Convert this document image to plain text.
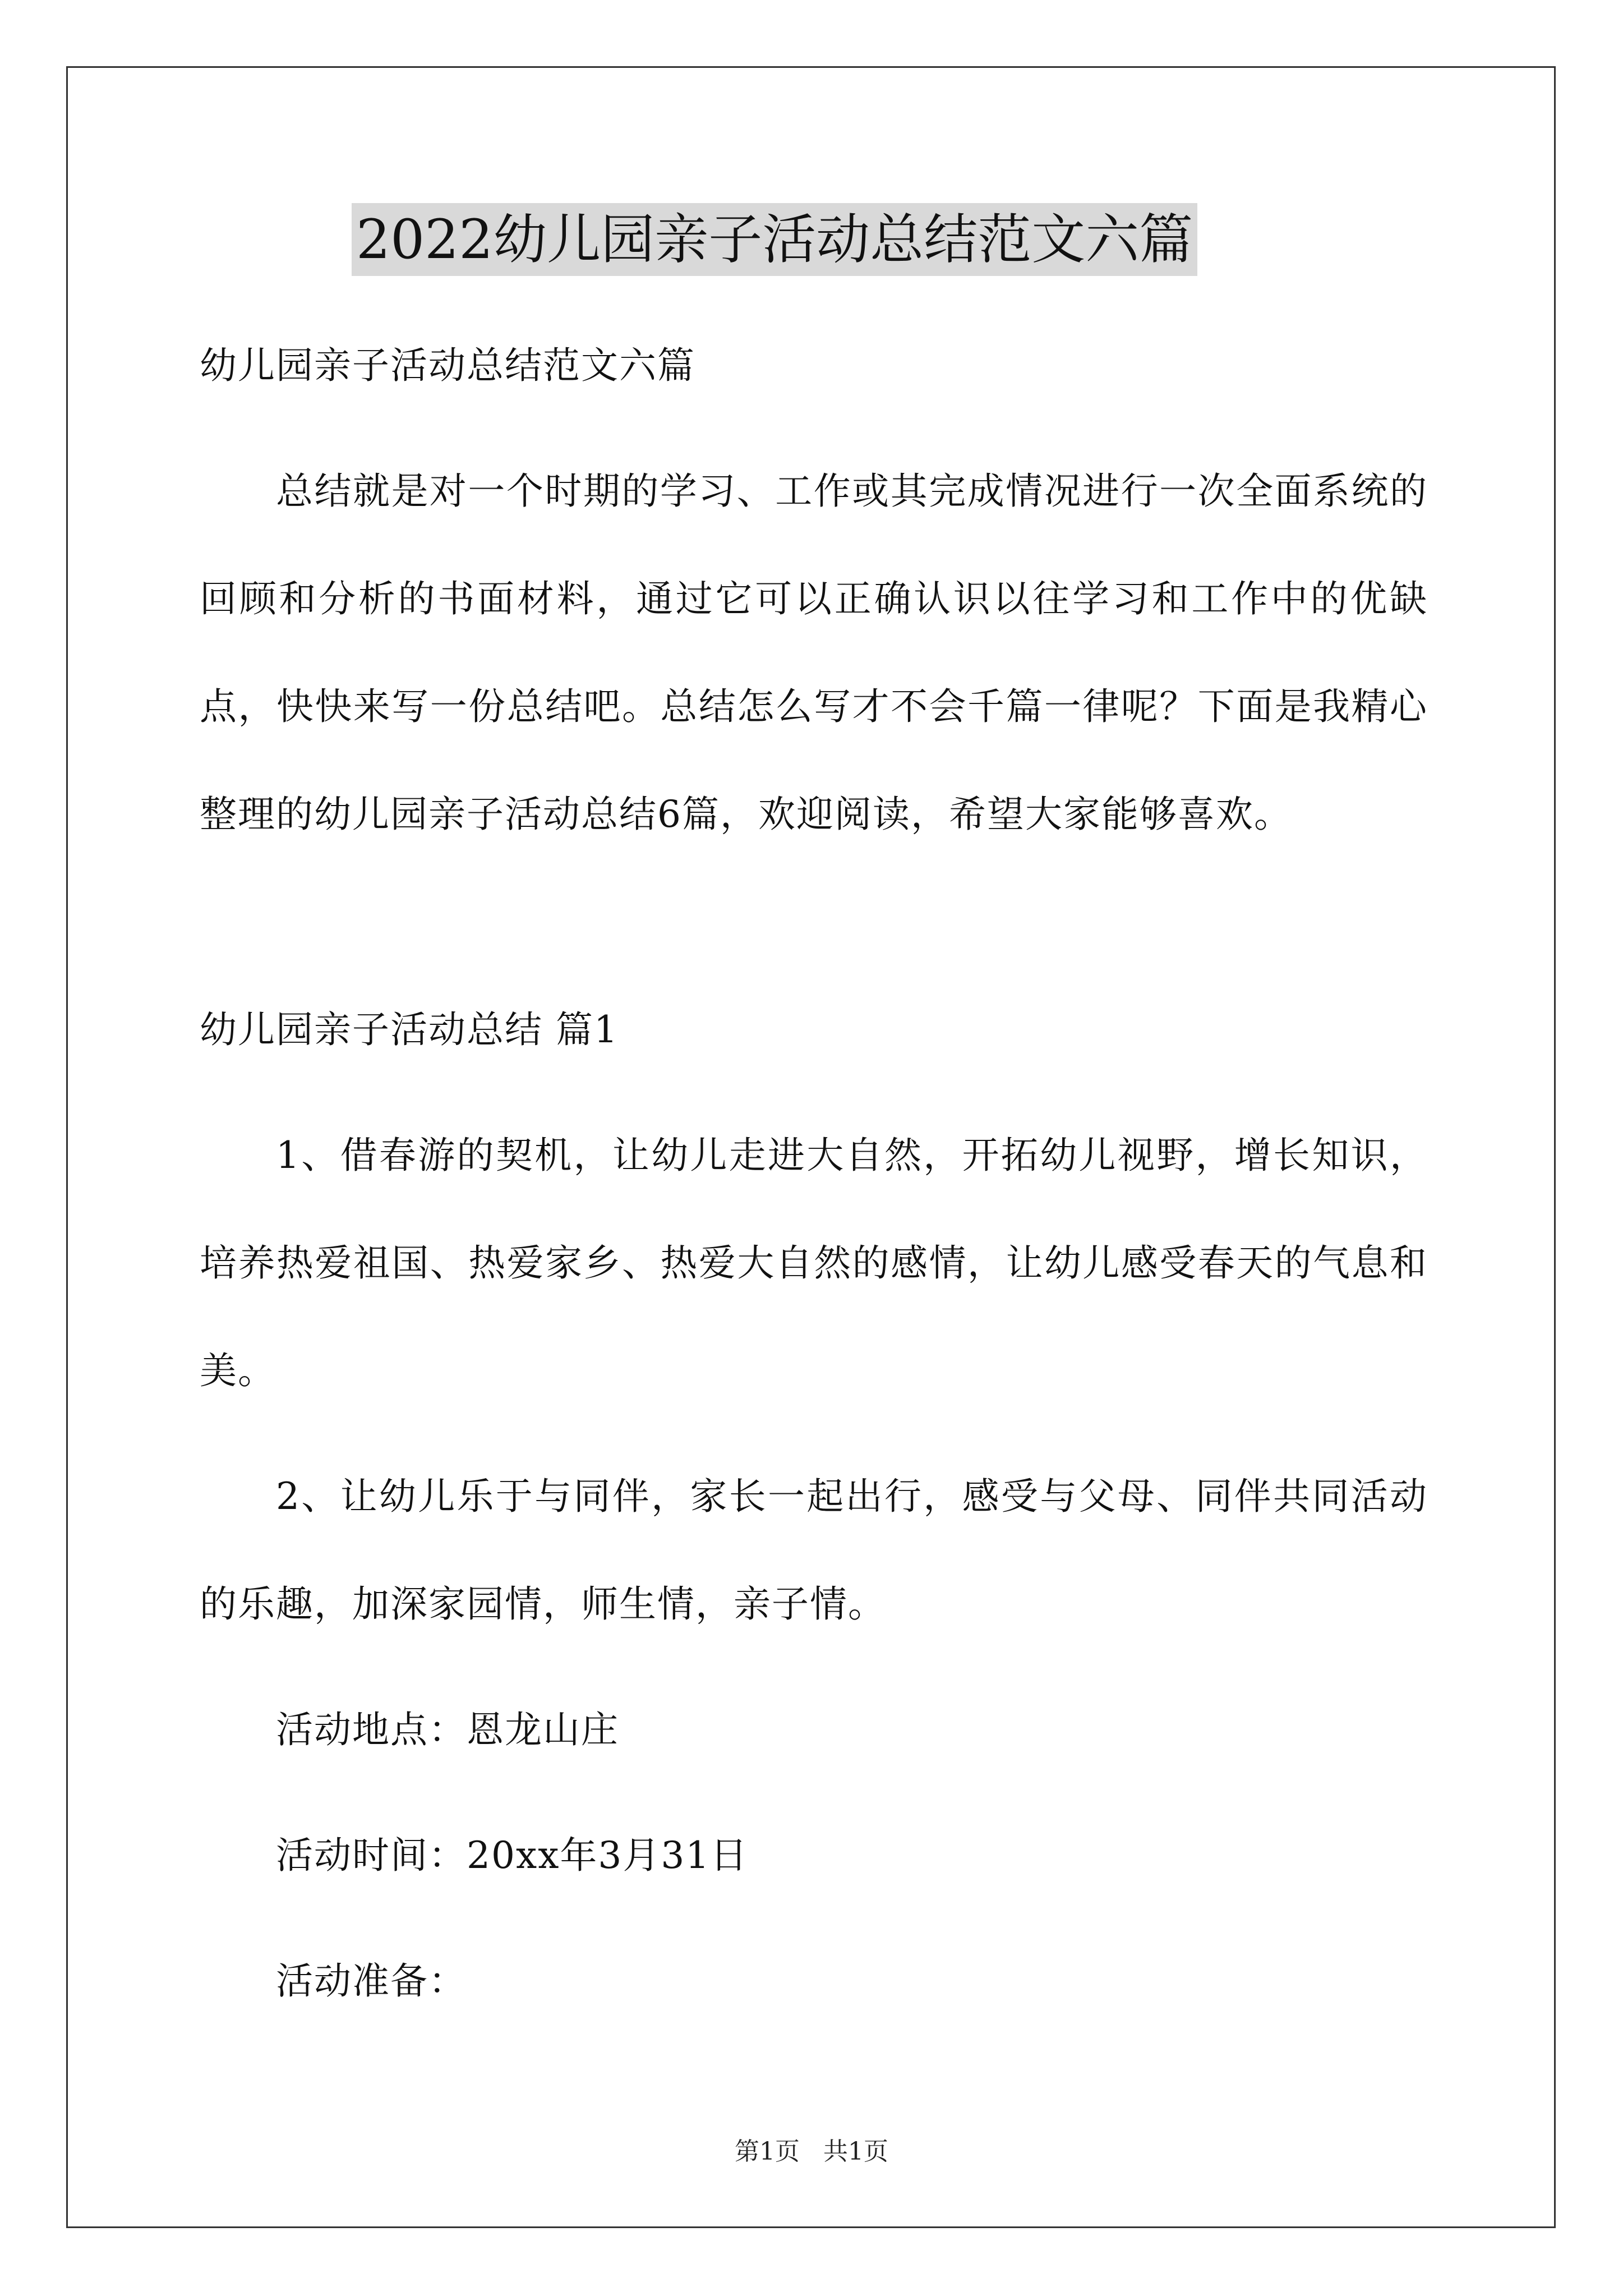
2022幼儿园亲子活动总结范文六篇

幼儿园亲子活动总结范文六篇

总结就是对一个时期的学习、工作或其完成情况进行一次全面系统的回顾和分析的书面材料，通过它可以正确认识以往学习和工作中的优缺点，快快来写一份总结吧。总结怎么写才不会千篇一律呢？下面是我精心整理的幼儿园亲子活动总结6篇，欢迎阅读，希望大家能够喜欢。

幼儿园亲子活动总结 篇1

1、借春游的契机，让幼儿走进大自然，开拓幼儿视野，增长知识，培养热爱祖国、热爱家乡、热爱大自然的感情，让幼儿感受春天的气息和美。

2、让幼儿乐于与同伴，家长一起出行，感受与父母、同伴共同活动的乐趣，加深家园情，师生情，亲子情。

活动地点：恩龙山庄

活动时间：20xx年3月31日

活动准备：

第1页   共1页
